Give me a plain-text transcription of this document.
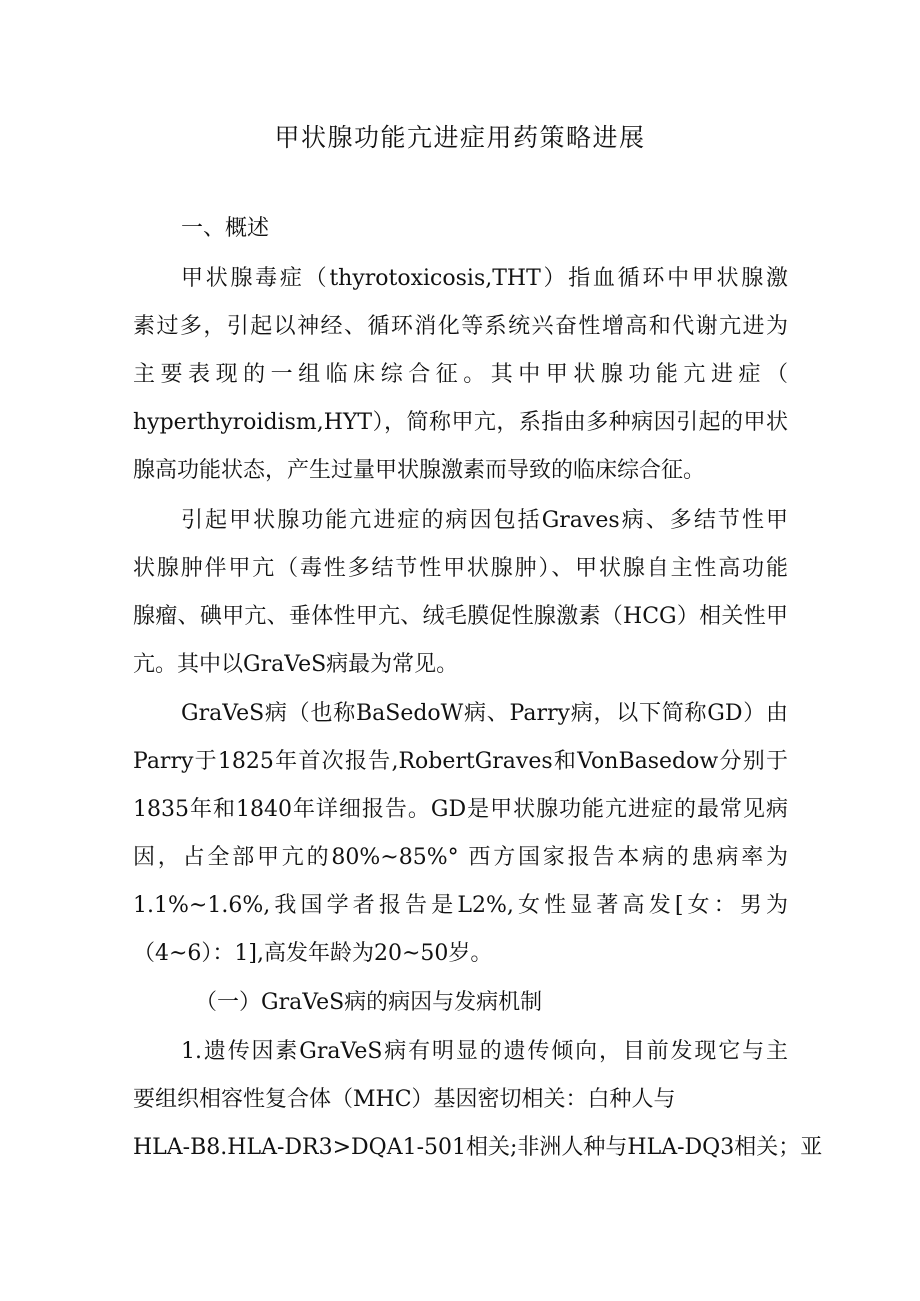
甲状腺功能亢进症用药策略进展

一、概述

甲状腺毒症（thyrotoxicosis,THT）指血循环中甲状腺激

素过多，引起以神经、循环消化等系统兴奋性增高和代谢亢进为

主要表现的一组临床综合征。其中甲状腺功能亢进症（

hyperthyroidism,HYT），简称甲亢，系指由多种病因引起的甲状

腺高功能状态，产生过量甲状腺激素而导致的临床综合征。

引起甲状腺功能亢进症的病因包括Graves病、多结节性甲

状腺肿伴甲亢（毒性多结节性甲状腺肿）、甲状腺自主性高功能

腺瘤、碘甲亢、垂体性甲亢、绒毛膜促性腺激素（HCG）相关性甲

亢。其中以GraVeS病最为常见。

GraVeS病（也称BaSedoW病、Parry病，以下简称GD）由

Parry于1825年首次报告,RobertGraves和VonBasedow分别于

1835年和1840年详细报告。GD是甲状腺功能亢进症的最常见病

因，占全部甲亢的80%~85%° 西方国家报告本病的患病率为

1.1%~1.6%,我国学者报告是L2%,女性显著高发[女：男为

（4~6）：1],高发年龄为20~50岁。

（一）GraVeS病的病因与发病机制

1.遗传因素GraVeS病有明显的遗传倾向，目前发现它与主

要组织相容性复合体（MHC）基因密切相关：白种人与

HLA-B8.HLA-DR3>DQA1-501相关;非洲人种与HLA-DQ3相关；亚
